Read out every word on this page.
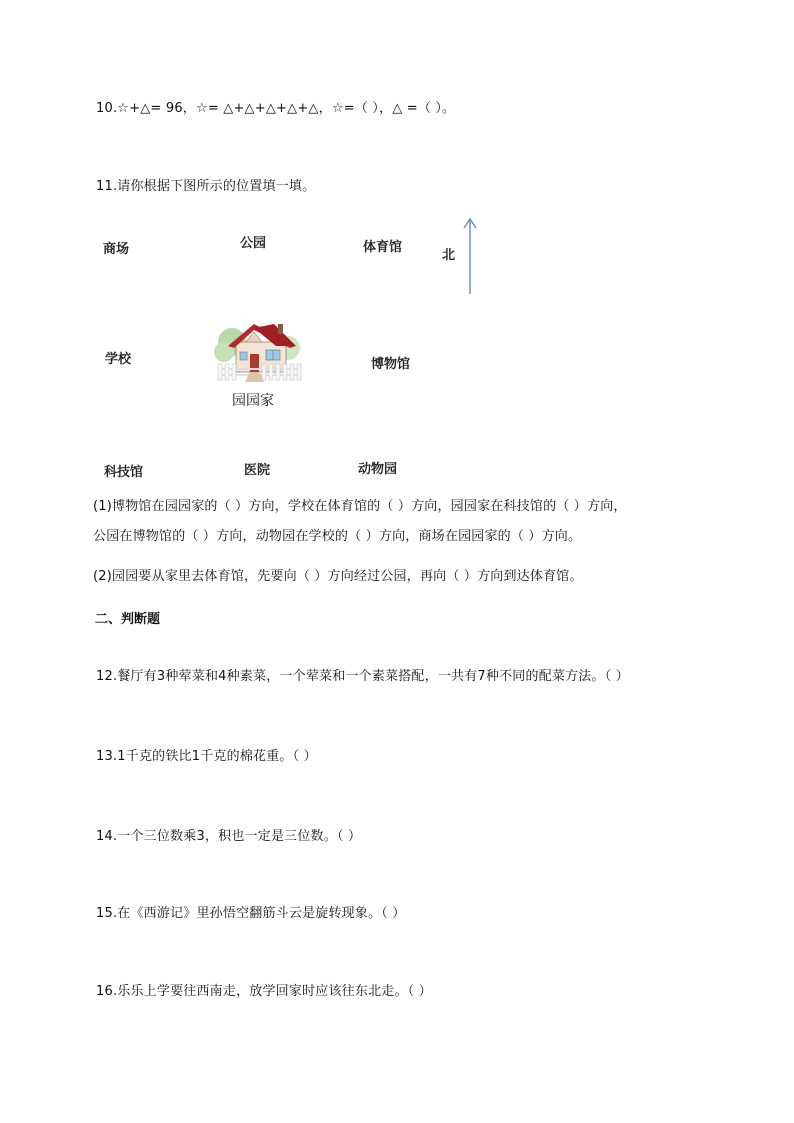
10.☆+△= 96，☆= △+△+△+△+△，☆=（ ），△ =（ ）。
11.请你根据下图所示的位置填一填。
商场	公园	体育馆
北
学校	博物馆
园园家
科技馆	医院	动物园
(1)博物馆在园园家的（ ）方向，学校在体育馆的（ ）方向，园园家在科技馆的（ ）方向，
公园在博物馆的（ ）方向，动物园在学校的（ ）方向，商场在园园家的（ ）方向。
(2)园园要从家里去体育馆，先要向（ ）方向经过公园，再向（ ）方向到达体育馆。
二、判断题
12.餐厅有3种荤菜和4种素菜，一个荤菜和一个素菜搭配，一共有7种不同的配菜方法。（ ）
13.1千克的铁比1千克的棉花重。（ ）
14.一个三位数乘3，积也一定是三位数。（ ）
15.在《西游记》里孙悟空翻筋斗云是旋转现象。（ ）
16.乐乐上学要往西南走，放学回家时应该往东北走。（ ）
